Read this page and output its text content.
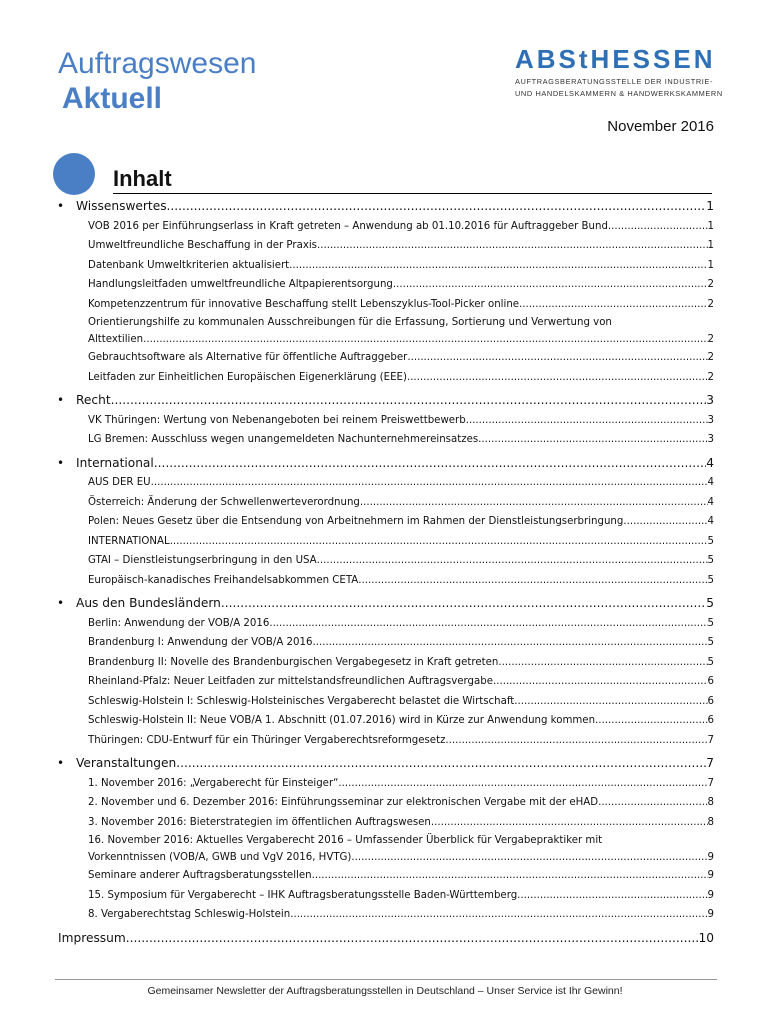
Auftragswesen
Aktuell
ABStHESSEN
AUFTRAGSBERATUNGSSTELLE DER INDUSTRIE-
UND HANDELSKAMMERN & HANDWERKSKAMMERN
November 2016
Inhalt
• Wissenswertes .....	1
VOB 2016 per Einführungserlass in Kraft getreten – Anwendung ab 01.10.2016 für Auftraggeber Bund .....	1
Umweltfreundliche Beschaffung in der Praxis .....	1
Datenbank Umweltkriterien aktualisiert .....	1
Handlungsleitfaden umweltfreundliche Altpapierentsorgung .....	2
Kompetenzzentrum für innovative Beschaffung stellt Lebenszyklus-Tool-Picker online .....	2
Orientierungshilfe zu kommunalen Ausschreibungen für die Erfassung, Sortierung und Verwertung von
Alttextilien .....	2
Gebrauchtsoftware als Alternative für öffentliche Auftraggeber .....	2
Leitfaden zur Einheitlichen Europäischen Eigenerklärung (EEE) .....	2
• Recht .....	3
VK Thüringen: Wertung von Nebenangeboten bei reinem Preiswettbewerb .....	3
LG Bremen: Ausschluss wegen unangemeldeten Nachunternehmereinsatzes .....	3
• International .....	4
AUS DER EU .....	4
Österreich: Änderung der Schwellenwerteverordnung .....	4
Polen: Neues Gesetz über die Entsendung von Arbeitnehmern im Rahmen der Dienstleistungserbringung .....	4
INTERNATIONAL .....	5
GTAI – Dienstleistungserbringung in den USA .....	5
Europäisch-kanadisches Freihandelsabkommen CETA .....	5
• Aus den Bundesländern .....	5
Berlin: Anwendung der VOB/A 2016 .....	5
Brandenburg I: Anwendung der VOB/A 2016 .....	5
Brandenburg II: Novelle des Brandenburgischen Vergabegesetz in Kraft getreten .....	5
Rheinland-Pfalz: Neuer Leitfaden zur mittelstandsfreundlichen Auftragsvergabe .....	6
Schleswig-Holstein I: Schleswig-Holsteinisches Vergaberecht belastet die Wirtschaft .....	6
Schleswig-Holstein II: Neue VOB/A 1. Abschnitt (01.07.2016) wird in Kürze zur Anwendung kommen .....	6
Thüringen: CDU-Entwurf für ein Thüringer Vergaberechtsreformgesetz .....	7
• Veranstaltungen .....	7
1. November 2016: „Vergaberecht für Einsteiger“ .....	7
2. November und 6. Dezember 2016: Einführungsseminar zur elektronischen Vergabe mit der eHAD .....	8
3. November 2016: Bieterstrategien im öffentlichen Auftragswesen .....	8
16. November 2016: Aktuelles Vergaberecht 2016 – Umfassender Überblick für Vergabepraktiker mit
Vorkenntnissen (VOB/A, GWB und VgV 2016, HVTG) .....	9
Seminare anderer Auftragsberatungsstellen .....	9
15. Symposium für Vergaberecht – IHK Auftragsberatungsstelle Baden-Württemberg .....	9
8. Vergaberechtstag Schleswig-Holstein .....	9
Impressum .....	10
Gemeinsamer Newsletter der Auftragsberatungsstellen in Deutschland – Unser Service ist Ihr Gewinn!
